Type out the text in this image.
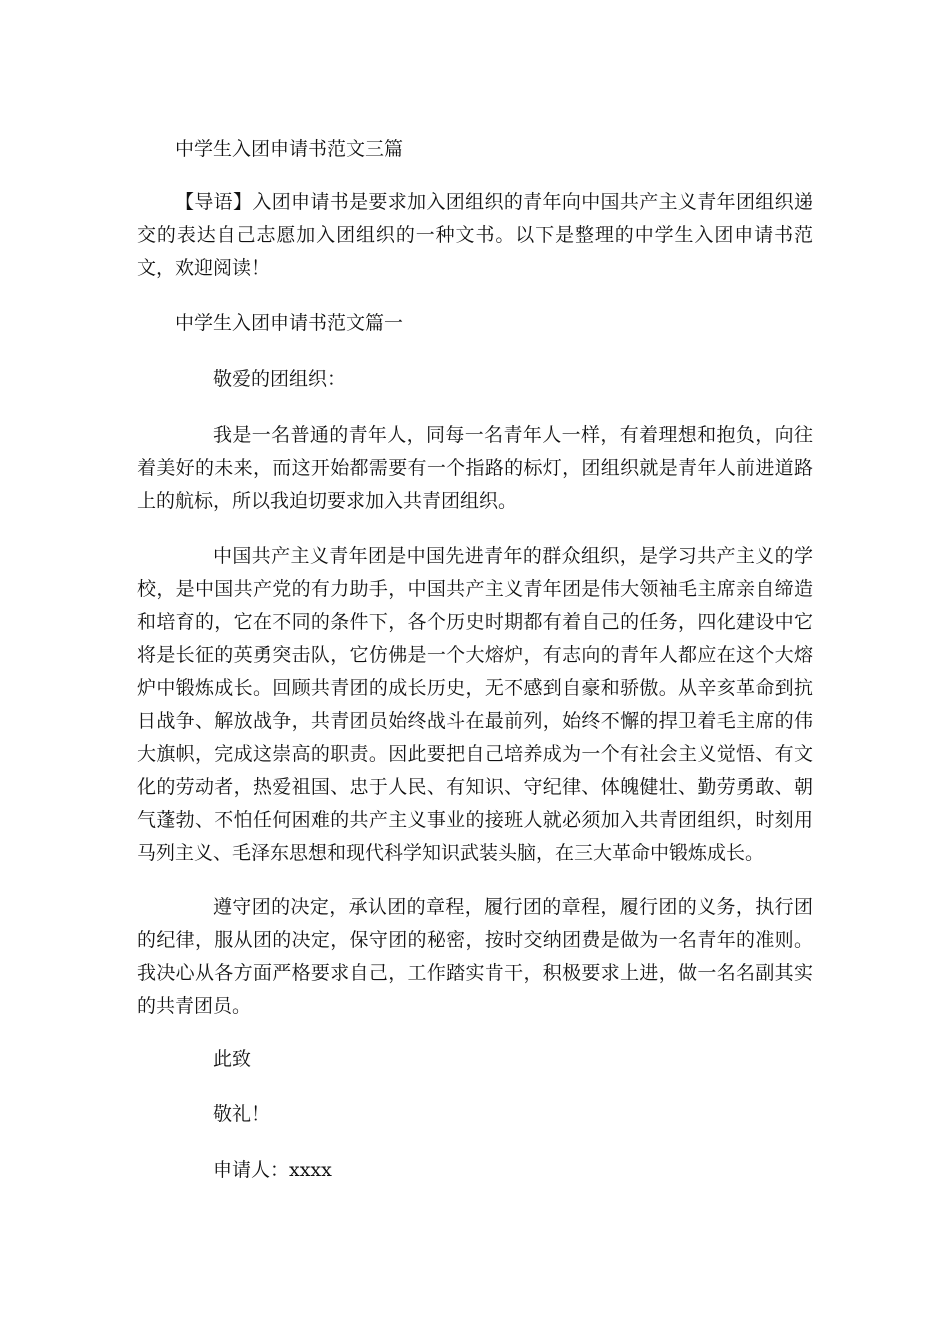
中学生入团申请书范文三篇

【导语】入团申请书是要求加入团组织的青年向中国共产主义青年团组织递交的表达自己志愿加入团组织的一种文书。以下是整理的中学生入团申请书范文，欢迎阅读！

中学生入团申请书范文篇一

敬爱的团组织：

我是一名普通的青年人，同每一名青年人一样，有着理想和抱负，向往着美好的未来，而这开始都需要有一个指路的标灯，团组织就是青年人前进道路上的航标，所以我迫切要求加入共青团组织。

中国共产主义青年团是中国先进青年的群众组织，是学习共产主义的学校，是中国共产党的有力助手，中国共产主义青年团是伟大领袖毛主席亲自缔造和培育的，它在不同的条件下，各个历史时期都有着自己的任务，四化建设中它将是长征的英勇突击队，它仿佛是一个大熔炉，有志向的青年人都应在这个大熔炉中锻炼成长。回顾共青团的成长历史，无不感到自豪和骄傲。从辛亥革命到抗日战争、解放战争，共青团员始终战斗在最前列，始终不懈的捍卫着毛主席的伟大旗帜，完成这崇高的职责。因此要把自己培养成为一个有社会主义觉悟、有文化的劳动者，热爱祖国、忠于人民、有知识、守纪律、体魄健壮、勤劳勇敢、朝气蓬勃、不怕任何困难的共产主义事业的接班人就必须加入共青团组织，时刻用马列主义、毛泽东思想和现代科学知识武装头脑，在三大革命中锻炼成长。

遵守团的决定，承认团的章程，履行团的章程，履行团的义务，执行团的纪律，服从团的决定，保守团的秘密，按时交纳团费是做为一名青年的准则。我决心从各方面严格要求自己，工作踏实肯干，积极要求上进，做一名名副其实的共青团员。

此致

敬礼！

申请人：xxxx
